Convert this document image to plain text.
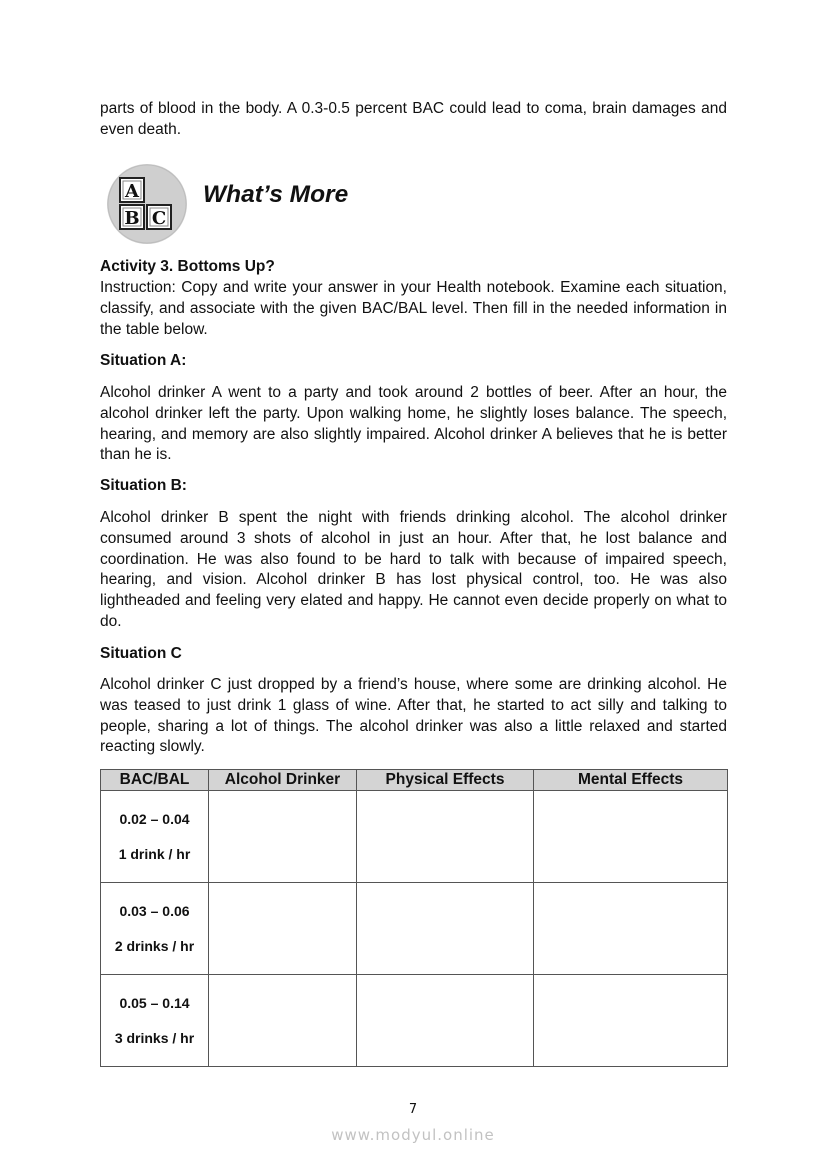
parts of blood in the body. A 0.3-0.5 percent BAC could lead to coma, brain damages and even death.

A
B C
What’s More

Activity 3. Bottoms Up?

Instruction: Copy and write your answer in your Health notebook. Examine each situation, classify, and associate with the given BAC/BAL level. Then fill in the needed information in the table below.

Situation A:

Alcohol drinker A went to a party and took around 2 bottles of beer. After an hour, the alcohol drinker left the party. Upon walking home, he slightly loses balance. The speech, hearing, and memory are also slightly impaired. Alcohol drinker A believes that he is better than he is.

Situation B:

Alcohol drinker B spent the night with friends drinking alcohol. The alcohol drinker consumed around 3 shots of alcohol in just an hour. After that, he lost balance and coordination. He was also found to be hard to talk with because of impaired speech, hearing, and vision. Alcohol drinker B has lost physical control, too. He was also lightheaded and feeling very elated and happy. He cannot even decide properly on what to do.

Situation C

Alcohol drinker C just dropped by a friend’s house, where some are drinking alcohol. He was teased to just drink 1 glass of wine. After that, he started to act silly and talking to people, sharing a lot of things. The alcohol drinker was also a little relaxed and started reacting slowly.

BAC/BAL	Alcohol Drinker	Physical Effects	Mental Effects

0.02 – 0.04
1 drink / hr			

0.03 – 0.06
2 drinks / hr			

0.05 – 0.14
3 drinks / hr			

7
www.modyul.online
